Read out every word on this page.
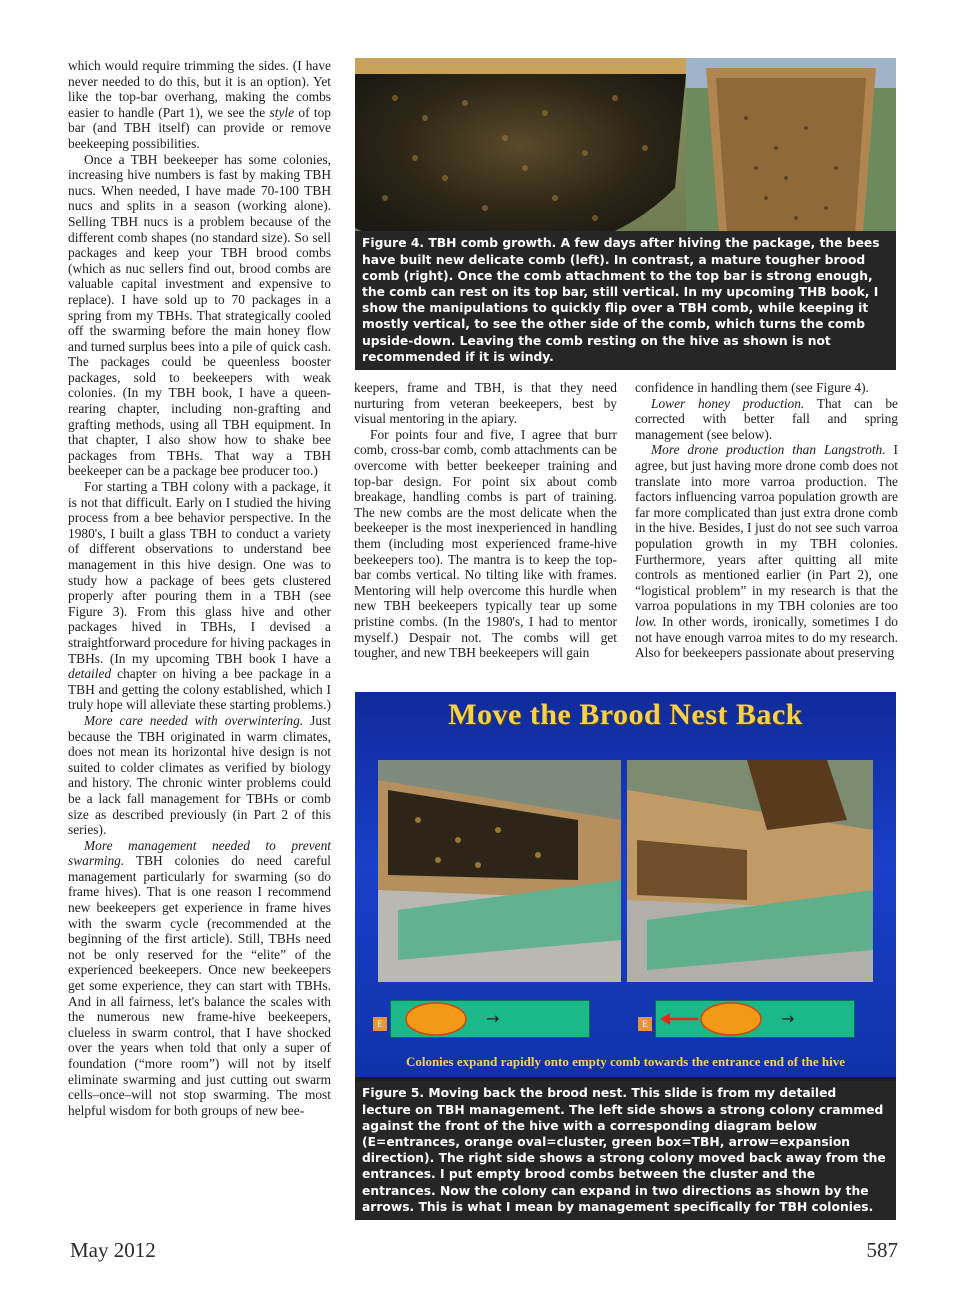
which would require trimming the sides. (I have never needed to do this, but it is an option). Yet like the top-bar overhang, making the combs easier to handle (Part 1), we see the style of top bar (and TBH itself) can provide or remove beekeeping possibilities.

Once a TBH beekeeper has some colonies, increasing hive numbers is fast by making TBH nucs. When needed, I have made 70-100 TBH nucs and splits in a season (working alone). Selling TBH nucs is a problem because of the different comb shapes (no standard size). So sell packages and keep your TBH brood combs (which as nuc sellers find out, brood combs are valuable capital investment and expensive to replace). I have sold up to 70 packages in a spring from my TBHs. That strategically cooled off the swarming before the main honey flow and turned surplus bees into a pile of quick cash. The packages could be queenless booster packages, sold to beekeepers with weak colonies. (In my TBH book, I have a queen-rearing chapter, including non-grafting and grafting methods, using all TBH equipment. In that chapter, I also show how to shake bee packages from TBHs. That way a TBH beekeeper can be a package bee producer too.)

For starting a TBH colony with a package, it is not that difficult. Early on I studied the hiving process from a bee behavior perspective. In the 1980's, I built a glass TBH to conduct a variety of different observations to understand bee management in this hive design. One was to study how a package of bees gets clustered properly after pouring them in a TBH (see Figure 3). From this glass hive and other packages hived in TBHs, I devised a straightforward procedure for hiving packages in TBHs. (In my upcoming TBH book I have a detailed chapter on hiving a bee package in a TBH and getting the colony established, which I truly hope will alleviate these starting problems.)

More care needed with overwintering. Just because the TBH originated in warm climates, does not mean its horizontal hive design is not suited to colder climates as verified by biology and history. The chronic winter problems could be a lack fall management for TBHs or comb size as described previously (in Part 2 of this series).

More management needed to prevent swarming. TBH colonies do need careful management particularly for swarming (so do frame hives). That is one reason I recommend new beekeepers get experience in frame hives with the swarm cycle (recommended at the beginning of the first article). Still, TBHs need not be only reserved for the “elite” of the experienced beekeepers. Once new beekeepers get some experience, they can start with TBHs. And in all fairness, let's balance the scales with the numerous new frame-hive beekeepers, clueless in swarm control, that I have shocked over the years when told that only a super of foundation (“more room”) will not by itself eliminate swarming and just cutting out swarm cells–once–will not stop swarming. The most helpful wisdom for both groups of new bee-

Figure 4. TBH comb growth. A few days after hiving the package, the bees have built new delicate comb (left). In contrast, a mature tougher brood comb (right). Once the comb attachment to the top bar is strong enough, the comb can rest on its top bar, still vertical. In my upcoming THB book, I show the manipulations to quickly flip over a TBH comb, while keeping it mostly vertical, to see the other side of the comb, which turns the comb upside-down. Leaving the comb resting on the hive as shown is not recommended if it is windy.

keepers, frame and TBH, is that they need nurturing from veteran beekeepers, best by visual mentoring in the apiary.

For points four and five, I agree that burr comb, cross-bar comb, comb attachments can be overcome with better beekeeper training and top-bar design. For point six about comb breakage, handling combs is part of training. The new combs are the most delicate when the beekeeper is the most inexperienced in handling them (including most experienced frame-hive beekeepers too). The mantra is to keep the top-bar combs vertical. No tilting like with frames. Mentoring will help overcome this hurdle when new TBH beekeepers typically tear up some pristine combs. (In the 1980's, I had to mentor myself.) Despair not. The combs will get tougher, and new TBH beekeepers will gain

confidence in handling them (see Figure 4).

Lower honey production. That can be corrected with better fall and spring management (see below).

More drone production than Langstroth. I agree, but just having more drone comb does not translate into more varroa production. The factors influencing varroa population growth are far more complicated than just extra drone comb in the hive. Besides, I just do not see such varroa population growth in my TBH colonies. Furthermore, years after quitting all mite controls as mentioned earlier (in Part 2), one “logistical problem” in my research is that the varroa populations in my TBH colonies are too low. In other words, ironically, sometimes I do not have enough varroa mites to do my research. Also for beekeepers passionate about preserving

Move the Brood Nest Back
E	→	E	→
Colonies expand rapidly onto empty comb towards the entrance end of the hive
Figure 5. Moving back the brood nest. This slide is from my detailed lecture on TBH management. The left side shows a strong colony crammed against the front of the hive with a corresponding diagram below (E=entrances, orange oval=cluster, green box=TBH, arrow=expansion direction). The right side shows a strong colony moved back away from the entrances. I put empty brood combs between the cluster and the entrances. Now the colony can expand in two directions as shown by the arrows. This is what I mean by management specifically for TBH colonies.
May 2012	587
